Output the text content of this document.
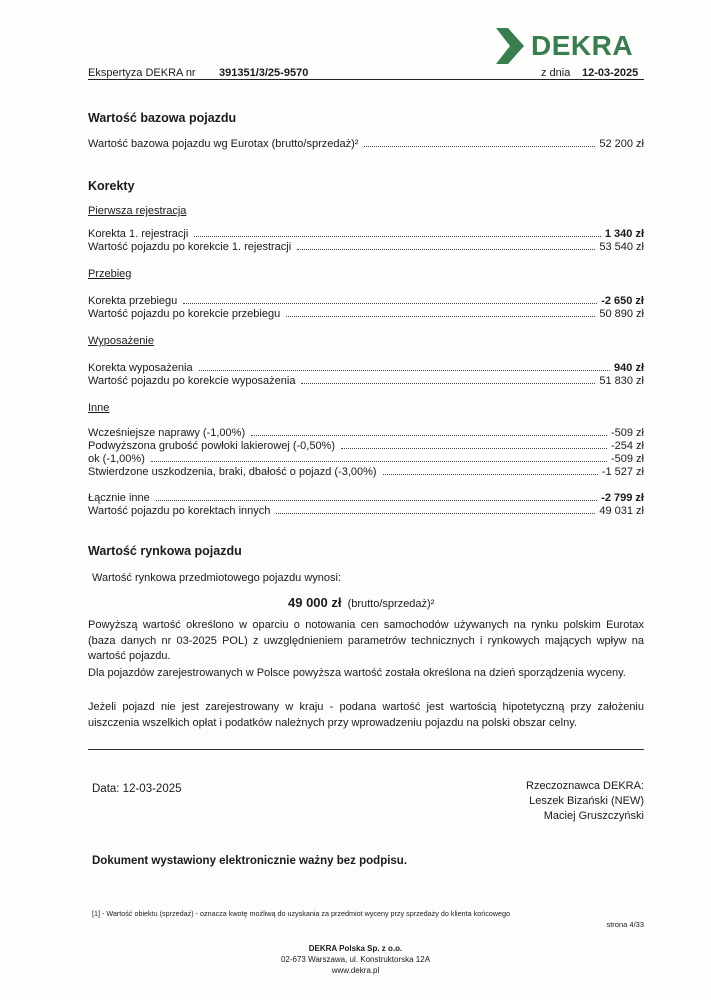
DEKRA
Ekspertyza DEKRA nr 391351/3/25-9570	z dnia 12-03-2025
Wartość bazowa pojazdu
Wartość bazowa pojazdu wg Eurotax (brutto/sprzedaż)²	52 200 zł
Korekty
Pierwsza rejestracja
Korekta 1. rejestracji	1 340 zł
Wartość pojazdu po korekcie 1. rejestracji	53 540 zł
Przebieg
Korekta przebiegu	-2 650 zł
Wartość pojazdu po korekcie przebiegu	50 890 zł
Wyposażenie
Korekta wyposażenia	940 zł
Wartość pojazdu po korekcie wyposażenia	51 830 zł
Inne
Wcześniejsze naprawy (-1,00%)	-509 zł
Podwyższona grubość powłoki lakierowej (-0,50%)	-254 zł
ok (-1,00%)	-509 zł
Stwierdzone uszkodzenia, braki, dbałość o pojazd (-3,00%)	-1 527 zł
Łącznie inne	-2 799 zł
Wartość pojazdu po korektach innych	49 031 zł
Wartość rynkowa pojazdu
Wartość rynkowa przedmiotowego pojazdu wynosi:
49 000 zł (brutto/sprzedaż)²
Powyższą wartość określono w oparciu o notowania cen samochodów używanych na rynku polskim Eurotax (baza danych nr 03-2025 POL) z uwzględnieniem parametrów technicznych i rynkowych mających wpływ na wartość pojazdu.
Dla pojazdów zarejestrowanych w Polsce powyższa wartość została określona na dzień sporządzenia wyceny.
Jeżeli pojazd nie jest zarejestrowany w kraju - podana wartość jest wartością hipotetyczną przy założeniu uiszczenia wszelkich opłat i podatków należnych przy wprowadzeniu pojazdu na polski obszar celny.
Data: 12-03-2025	Rzeczoznawca DEKRA:
Leszek Bizański (NEW)
Maciej Gruszczyński
Dokument wystawiony elektronicznie ważny bez podpisu.
[1] - Wartość obiektu (sprzedaż) - oznacza kwotę możliwą do uzyskania za przedmiot wyceny przy sprzedaży do klienta końcowego
strona 4/33
DEKRA Polska Sp. z o.o.
02-673 Warszawa, ul. Konstruktorska 12A
www.dekra.pl
